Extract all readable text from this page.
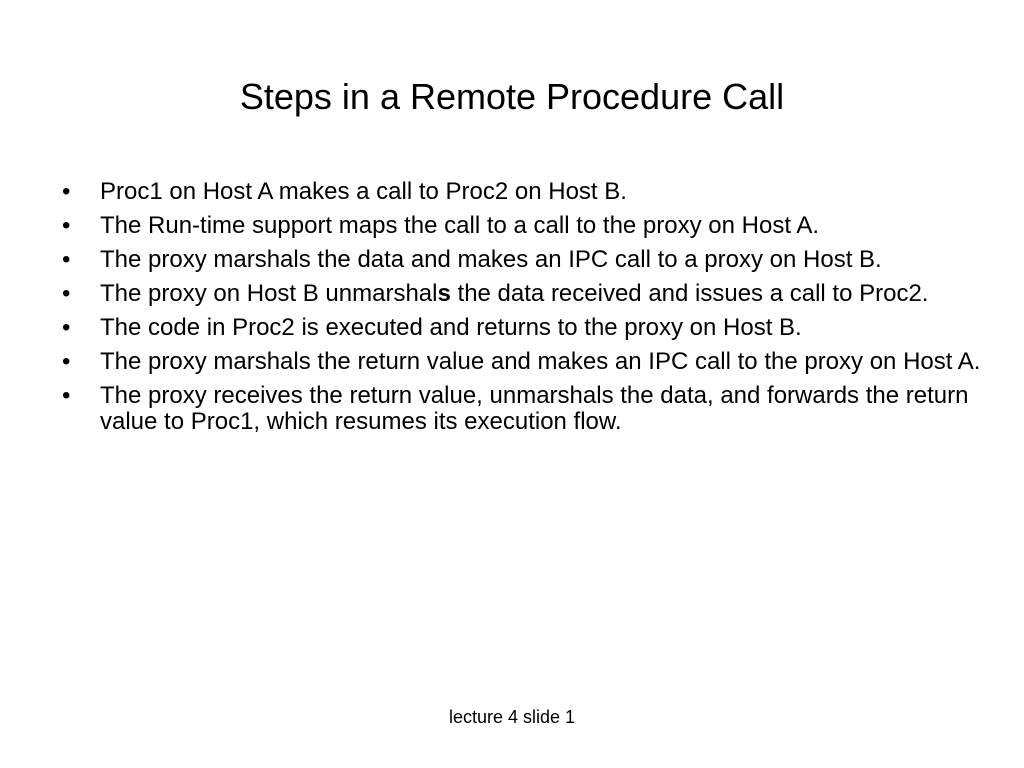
Steps in a Remote Procedure Call
•	Proc1 on Host A makes a call to Proc2 on Host B.
•	The Run-time support maps the call to a call to the proxy on Host A.
•	The proxy marshals the data and makes an IPC call to a proxy on Host B.
•	The proxy on Host B unmarshals the data received and issues a call to Proc2.
•	The code in Proc2 is executed and returns to the proxy on Host B.
•	The proxy marshals the return value and makes an IPC call to the proxy on Host A.
•	The proxy receives the return value, unmarshals the data, and forwards the return value to Proc1, which resumes its execution flow.
lecture 4 slide 1
